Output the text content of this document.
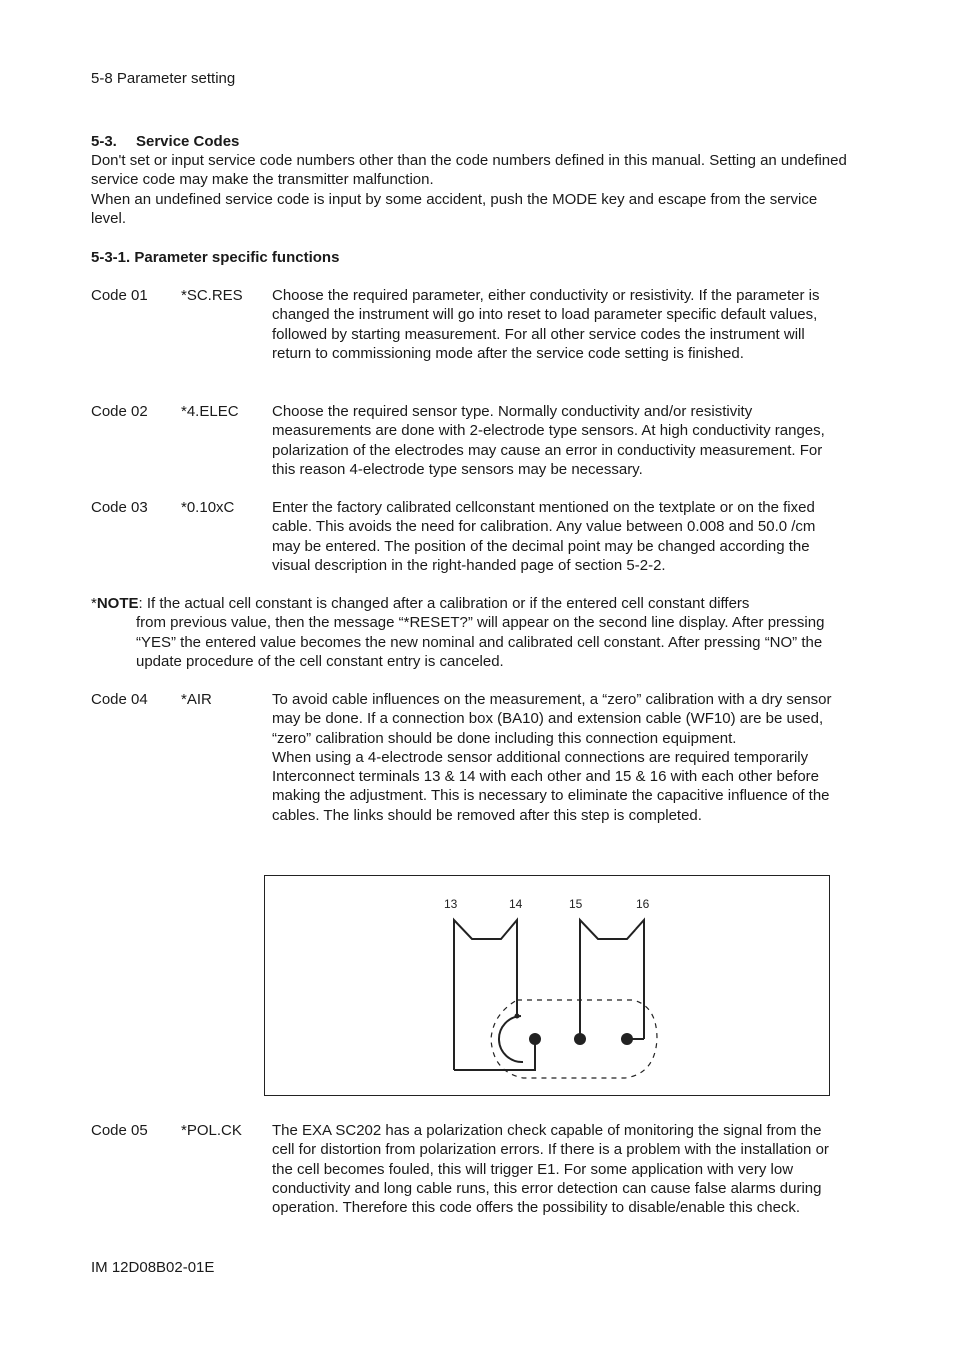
5-8 Parameter setting
5-3. Service Codes
Don't set or input service code numbers other than the code numbers defined in this manual. Setting an undefined service code may make the transmitter malfunction.
When an undefined service code is input by some accident, push the MODE key and escape from the service level.
5-3-1. Parameter specific functions
Code 01 *SC.RES Choose the required parameter, either conductivity or resistivity. If the parameter is changed the instrument will go into reset to load parameter specific default values, followed by starting measurement. For all other service codes the instrument will return to commissioning mode after the service code setting is finished.
Code 02 *4.ELEC Choose the required sensor type. Normally conductivity and/or resistivity measurements are done with 2-electrode type sensors. At high conductivity ranges, polarization of the electrodes may cause an error in conductivity measurement. For this reason 4-electrode type sensors may be necessary.
Code 03 *0.10xC	Enter the factory calibrated cellconstant mentioned on the textplate or on the fixed cable. This avoids the need for calibration. Any value between 0.008 and 50.0 /cm may be entered. The position of the decimal point may be changed according the visual description in the right-handed page of section 5-2-2.
*NOTE: If the actual cell constant is changed after a calibration or if the entered cell constant differs
from previous value, then the message “*RESET?” will appear on the second line display. After pressing “YES” the entered value becomes the new nominal and calibrated cell constant. After pressing “NO” the update procedure of the cell constant entry is canceled.
Code 04 *AIR	To avoid cable influences on the measurement, a “zero” calibration with a dry sensor may be done. If a connection box (BA10) and extension cable (WF10) are be used, “zero” calibration should be done including this connection equipment.
When using a 4-electrode sensor additional connections are required temporarily Interconnect terminals 13 & 14 with each other and 15 & 16 with each other before making the adjustment. This is necessary to eliminate the capacitive influence of the cables. The links should be removed after this step is completed.
13	14	15	16
Code 05 *POL.CK The EXA SC202 has a polarization check capable of monitoring the signal from the cell for distortion from polarization errors. If there is a problem with the installation or the cell becomes fouled, this will trigger E1. For some application with very low conductivity and long cable runs, this error detection can cause false alarms during operation. Therefore this code offers the possibility to disable/enable this check.
IM 12D08B02-01E
